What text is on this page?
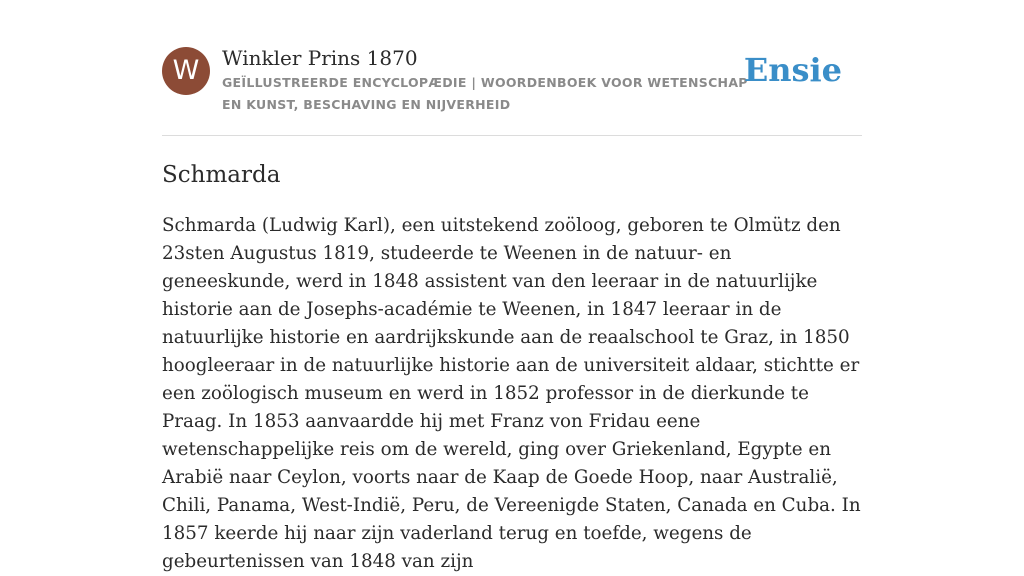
W	Winkler Prins 1870
GEÏLLUSTREERDE ENCYCLOPÆDIE | WOORDENBOEK VOOR WETENSCHAP EN KUNST, BESCHAVING EN NIJVERHEID
Ensie
Schmarda

Schmarda (Ludwig Karl), een uitstekend zoöloog, geboren te Olmütz den 23sten Augustus 1819, studeerde te Weenen in de natuur- en geneeskunde, werd in 1848 assistent van den leeraar in de natuurlijke historie aan de Josephs-académie te Weenen, in 1847 leeraar in de natuurlijke historie en aardrijkskunde aan de reaalschool te Graz, in 1850 hoogleeraar in de natuurlijke historie aan de universiteit aldaar, stichtte er een zoölogisch museum en werd in 1852 professor in de dierkunde te Praag. In 1853 aanvaardde hij met Franz von Fridau eene wetenschappelijke reis om de wereld, ging over Griekenland, Egypte en Arabië naar Ceylon, voorts naar de Kaap de Goede Hoop, naar Australië, Chili, Panama, West-Indië, Peru, de Vereenigde Staten, Canada en Cuba. In 1857 keerde hij naar zijn vaderland terug en toefde, wegens de gebeurtenissen van 1848 van zijn
